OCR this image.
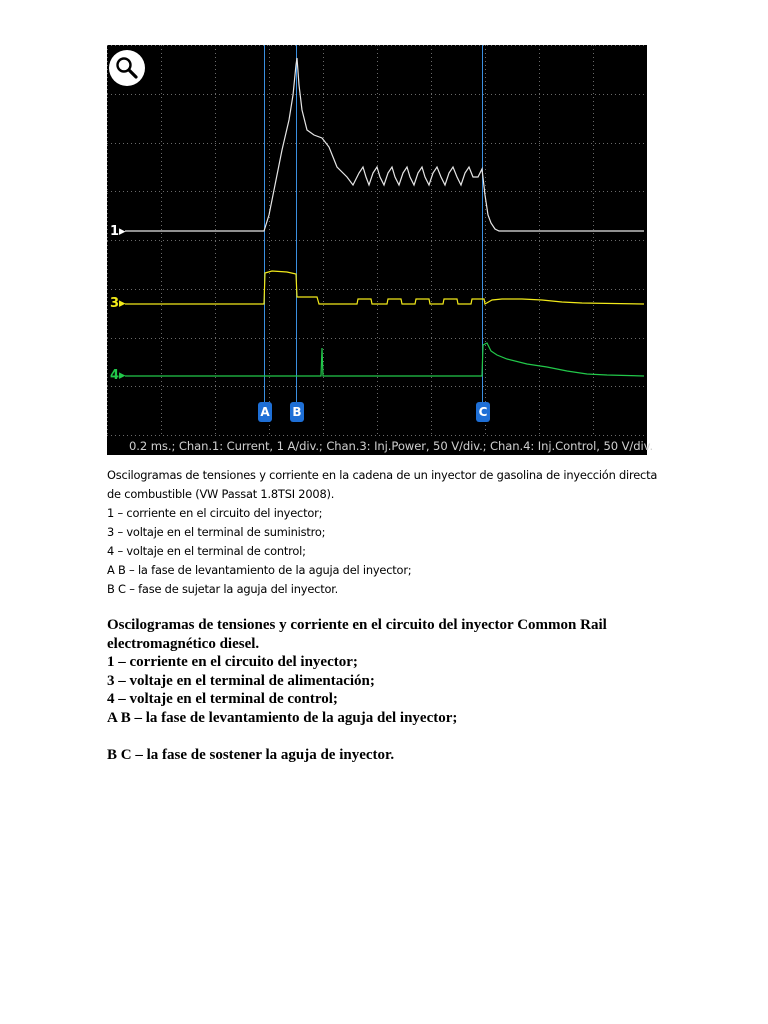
1▸
3▸
4▸
A B	C
0.2 ms.; Chan.1: Current, 1 A/div.; Chan.3: Inj.Power, 50 V/div.; Chan.4: Inj.Control, 50 V/div.
Oscilogramas de tensiones y corriente en la cadena de un inyector de gasolina de inyección directa
de combustible (VW Passat 1.8TSI 2008).
1 – corriente en el circuito del inyector;
3 – voltaje en el terminal de suministro;
4 – voltaje en el terminal de control;
A B – la fase de levantamiento de la aguja del inyector;
B C – fase de sujetar la aguja del inyector.
Oscilogramas de tensiones y corriente en el circuito del inyector Common Rail
electromagnético diesel.
1 – corriente en el circuito del inyector;
3 – voltaje en el terminal de alimentación;
4 – voltaje en el terminal de control;
A B – la fase de levantamiento de la aguja del inyector;
B C – la fase de sostener la aguja de inyector.
